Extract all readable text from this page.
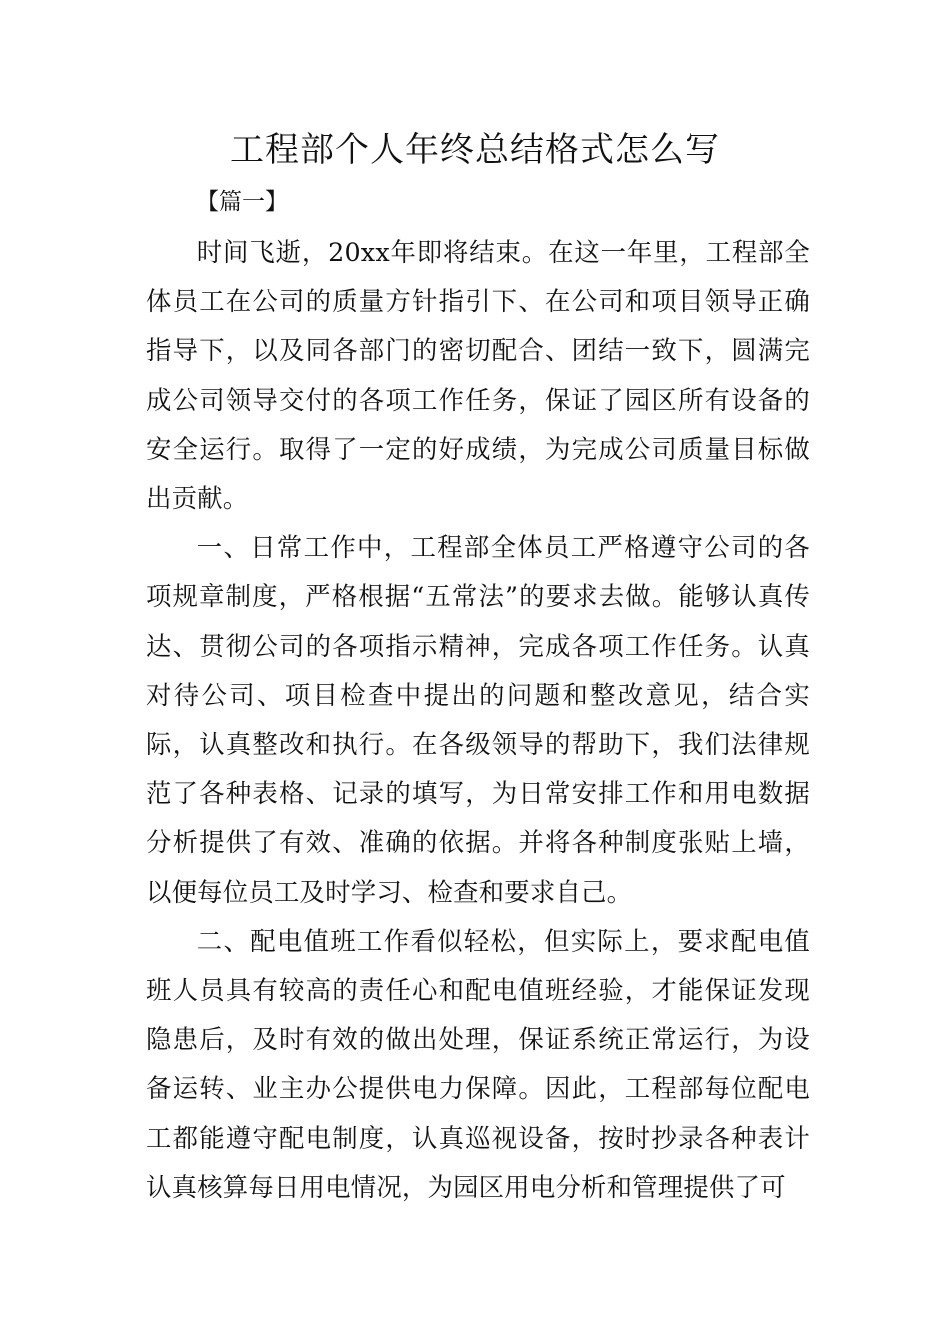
工程部个人年终总结格式怎么写

【篇一】

时间飞逝，20xx年即将结束。在这一年里，工程部全体员工在公司的质量方针指引下、在公司和项目领导正确指导下，以及同各部门的密切配合、团结一致下，圆满完成公司领导交付的各项工作任务，保证了园区所有设备的安全运行。取得了一定的好成绩，为完成公司质量目标做出贡献。

一、日常工作中，工程部全体员工严格遵守公司的各项规章制度，严格根据“五常法”的要求去做。能够认真传达、贯彻公司的各项指示精神，完成各项工作任务。认真对待公司、项目检查中提出的问题和整改意见，结合实际，认真整改和执行。在各级领导的帮助下，我们法律规范了各种表格、记录的填写，为日常安排工作和用电数据分析提供了有效、准确的依据。并将各种制度张贴上墙，以便每位员工及时学习、检查和要求自己。

二、配电值班工作看似轻松，但实际上，要求配电值班人员具有较高的责任心和配电值班经验，才能保证发现隐患后，及时有效的做出处理，保证系统正常运行，为设备运转、业主办公提供电力保障。因此，工程部每位配电工都能遵守配电制度，认真巡视设备，按时抄录各种表计认真核算每日用电情况，为园区用电分析和管理提供了可
